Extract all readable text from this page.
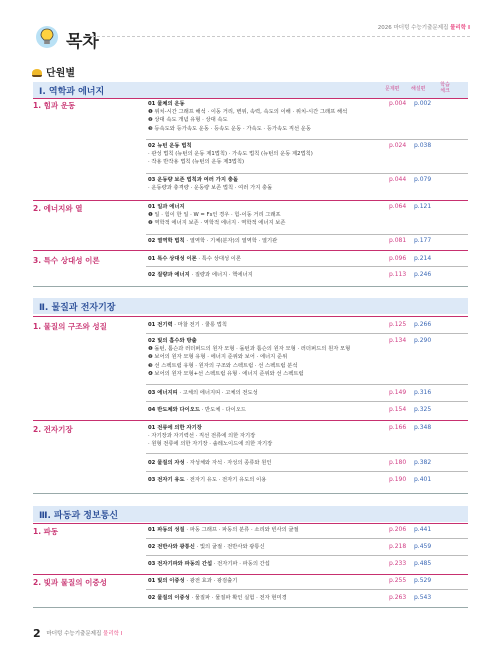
목차
2026 마더텅 수능기출문제집 물리학 Ⅰ
단원별
Ⅰ. 역학과 에너지	문제편 해설편
학습 체크
1. 힘과 운동	01 물체의 운동
❶ 위치-시간 그래프 해석 · 이동 거리, 변위, 속력, 속도의 이해 · 위치-시간 그래프 해석
❷ 상대 속도 개념 유형 · 상대 속도
❸ 등속도와 등가속도 운동 · 등속도 운동 · 가속도 · 등가속도 직선 운동
p.004 p.002
02 뉴턴 운동 법칙
· 관성 법칙 (뉴턴의 운동 제1법칙) · 가속도 법칙 (뉴턴의 운동 제2법칙)
· 작용 반작용 법칙 (뉴턴의 운동 제3법칙)
p.024 p.038
03 운동량 보존 법칙과 여러 가지 충돌
· 운동량과 충격량 · 운동량 보존 법칙 · 여러 가지 충돌
p.044 p.079
2. 에너지와 열	01 일과 에너지
❶ 일 · 힘이 한 일 · W = Fs인 경우 · 힘-이동 거리 그래프
❷ 역학적 에너지 보존 · 역학적 에너지 · 역학적 에너지 보존
p.064 p.121
02 열역학 법칙 · 열역학 · 기체(분자)의 열역학 · 열기관	p.081 p.177
3. 특수 상대성 이론	01 특수 상대성 이론 · 특수 상대성 이론	p.096 p.214
02 질량과 에너지 · 질량과 에너지 · 핵에너지	p.113 p.246
Ⅱ. 물질과 전자기장
1. 물질의 구조와 성질	01 전기력 · 마찰 전기 · 쿨롱 법칙	p.125 p.266
02 빛의 흡수와 방출
❶ 돌턴, 톰슨과 러더퍼드의 원자 모형 · 돌턴과 톰슨의 원자 모형 · 러더퍼드의 원자 모형
❷ 보어의 원자 모형 유형 · 에너지 준위와 보어 · 에너지 준위
❸ 선 스펙트럼 유형 · 원자의 구조와 스펙트럼 · 선 스펙트럼 분석
❹ 보어의 원자 모형+선 스펙트럼 유형 · 에너지 준위와 선 스펙트럼
p.134 p.290
03 에너지띠 · 고체의 에너지띠 · 고체의 전도성	p.149 p.316
04 반도체와 다이오드 · 반도체 · 다이오드	p.154 p.325
2. 전자기장	01 전류에 의한 자기장
· 자기장과 자기력선 · 직선 전류에 의한 자기장
· 원형 전류에 의한 자기장 · 솔레노이드에 의한 자기장
p.166 p.348
02 물질의 자성 · 자성체와 자석 · 자성의 종류와 원인	p.180 p.382
03 전자기 유도 · 전자기 유도 · 전자기 유도의 이용	p.190 p.401
Ⅲ. 파동과 정보통신
1. 파동	01 파동의 성질 · 파동 그래프 · 파동의 분류 · 소리와 빈사의 굴절	p.206 p.441
02 전반사와 광통신 · 빛의 굴절 · 전반사와 광통신	p.218 p.459
03 전자기파와 파동의 간섭 · 전자기파 · 파동의 간섭	p.233 p.485
2. 빛과 물질의 이중성	01 빛의 이중성 · 광전 효과 · 광검출기	p.255 p.529
02 물질의 이중성 · 물질파 · 물질파 확인 실험 · 전자 현미경	p.263 p.543
2 마더텅 수능기출문제집 물리학 Ⅰ
